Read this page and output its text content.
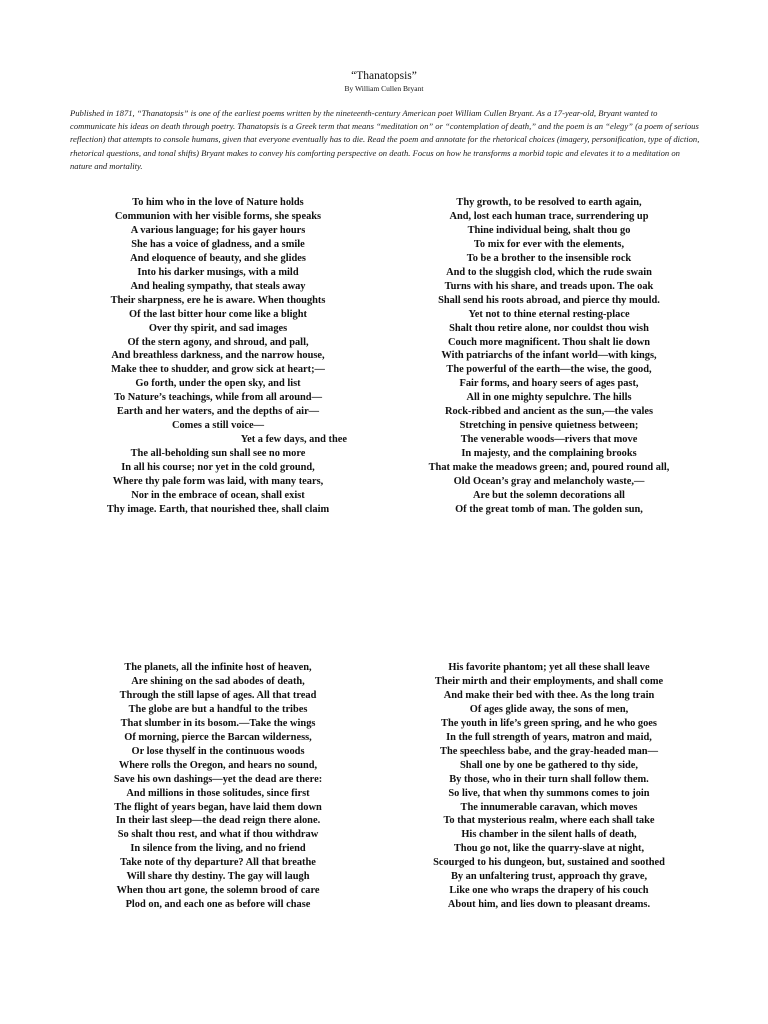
“Thanatopsis”
By William Cullen Bryant

Published in 1871, “Thanatopsis” is one of the earliest poems written by the nineteenth-century American poet William Cullen Bryant. As a 17-year-old, Bryant wanted to communicate his ideas on death through poetry. Thanatopsis is a Greek term that means “meditation on” or “contemplation of death,” and the poem is an “elegy” (a poem of serious reflection) that attempts to console humans, given that everyone eventually has to die. Read the poem and annotate for the rhetorical choices (imagery, personification, type of diction, rhetorical questions, and tonal shifts) Bryant makes to convey his comforting perspective on death. Focus on how he transforms a morbid topic and elevates it to a meditation on nature and mortality.

To him who in the love of Nature holds
Communion with her visible forms, she speaks
A various language; for his gayer hours
She has a voice of gladness, and a smile
And eloquence of beauty, and she glides
Into his darker musings, with a mild
And healing sympathy, that steals away
Their sharpness, ere he is aware. When thoughts
Of the last bitter hour come like a blight
Over thy spirit, and sad images
Of the stern agony, and shroud, and pall,
And breathless darkness, and the narrow house,
Make thee to shudder, and grow sick at heart;—
Go forth, under the open sky, and list
To Nature’s teachings, while from all around—
Earth and her waters, and the depths of air—
Comes a still voice—
Yet a few days, and thee
The all-beholding sun shall see no more
In all his course; nor yet in the cold ground,
Where thy pale form was laid, with many tears,
Nor in the embrace of ocean, shall exist
Thy image. Earth, that nourished thee, shall claim
Thy growth, to be resolved to earth again,
And, lost each human trace, surrendering up
Thine individual being, shalt thou go
To mix for ever with the elements,
To be a brother to the insensible rock
And to the sluggish clod, which the rude swain
Turns with his share, and treads upon. The oak
Shall send his roots abroad, and pierce thy mould.
Yet not to thine eternal resting-place
Shalt thou retire alone, nor couldst thou wish
Couch more magnificent. Thou shalt lie down
With patriarchs of the infant world—with kings,
The powerful of the earth—the wise, the good,
Fair forms, and hoary seers of ages past,
All in one mighty sepulchre. The hills
Rock-ribbed and ancient as the sun,—the vales
Stretching in pensive quietness between;
The venerable woods—rivers that move
In majesty, and the complaining brooks
That make the meadows green; and, poured round all,
Old Ocean’s gray and melancholy waste,—
Are but the solemn decorations all
Of the great tomb of man. The golden sun,
The planets, all the infinite host of heaven,
Are shining on the sad abodes of death,
Through the still lapse of ages. All that tread
The globe are but a handful to the tribes
That slumber in its bosom.—Take the wings
Of morning, pierce the Barcan wilderness,
Or lose thyself in the continuous woods
Where rolls the Oregon, and hears no sound,
Save his own dashings—yet the dead are there:
And millions in those solitudes, since first
The flight of years began, have laid them down
In their last sleep—the dead reign there alone.
So shalt thou rest, and what if thou withdraw
In silence from the living, and no friend
Take note of thy departure? All that breathe
Will share thy destiny. The gay will laugh
When thou art gone, the solemn brood of care
Plod on, and each one as before will chase
His favorite phantom; yet all these shall leave
Their mirth and their employments, and shall come
And make their bed with thee. As the long train
Of ages glide away, the sons of men,
The youth in life’s green spring, and he who goes
In the full strength of years, matron and maid,
The speechless babe, and the gray-headed man—
Shall one by one be gathered to thy side,
By those, who in their turn shall follow them.
So live, that when thy summons comes to join
The innumerable caravan, which moves
To that mysterious realm, where each shall take
His chamber in the silent halls of death,
Thou go not, like the quarry-slave at night,
Scourged to his dungeon, but, sustained and soothed
By an unfaltering trust, approach thy grave,
Like one who wraps the drapery of his couch
About him, and lies down to pleasant dreams.
